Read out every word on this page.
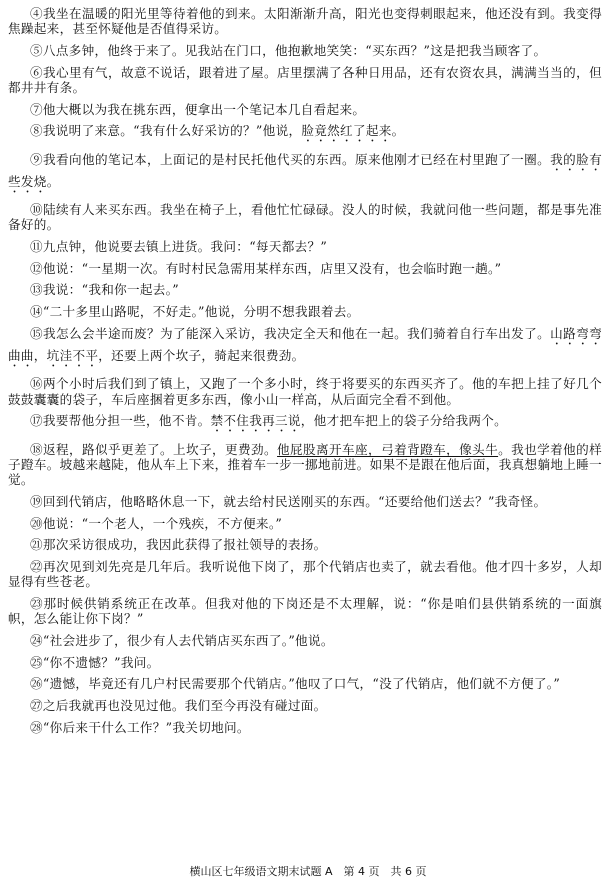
④我坐在温暖的阳光里等待着他的到来。太阳渐渐升高，阳光也变得刺眼起来，他还没有到。我变得焦躁起来，甚至怀疑他是否值得采访。

⑤八点多钟，他终于来了。见我站在门口，他抱歉地笑笑：“买东西？”这是把我当顾客了。

⑥我心里有气，故意不说话，跟着进了屋。店里摆满了各种日用品，还有农资农具，满满当当的，但都井井有条。

⑦他大概以为我在挑东西，便拿出一个笔记本几自看起来。

⑧我说明了来意。“我有什么好采访的？”他说，脸竟然红了起来。

⑨我看向他的笔记本，上面记的是村民托他代买的东西。原来他刚才已经在村里跑了一圈。我的脸有些发烧。

⑩陆续有人来买东西。我坐在椅子上，看他忙忙碌碌。没人的时候，我就问他一些问题，都是事先准备好的。

⑪九点钟，他说要去镇上进货。我问：“每天都去？”

⑫他说：“一星期一次。有时村民急需用某样东西，店里又没有，也会临时跑一趟。”

⑬我说：“我和你一起去。”

⑭“二十多里山路呢，不好走。”他说，分明不想我跟着去。

⑮我怎么会半途而废？为了能深入采访，我决定全天和他在一起。我们骑着自行车出发了。山路弯弯曲曲，坑洼不平，还要上两个坎子，骑起来很费劲。

⑯两个小时后我们到了镇上，又跑了一个多小时，终于将要买的东西买齐了。他的车把上挂了好几个鼓鼓囊囊的袋子，车后座捆着更多东西，像小山一样高，从后面完全看不到他。

⑰我要帮他分担一些，他不肯。禁不住我再三说，他才把车把上的袋子分给我两个。

⑱返程，路似乎更差了。上坎子，更费劲。他屁股离开车座，弓着背蹬车，像头牛。我也学着他的样子蹬车。坡越来越陡，他从车上下来，推着车一步一挪地前进。如果不是跟在他后面，我真想躺地上睡一觉。

⑲回到代销店，他略略休息一下，就去给村民送刚买的东西。“还要给他们送去？”我奇怪。

⑳他说：“一个老人，一个残疾，不方便来。”

㉑那次采访很成功，我因此获得了报社领导的表扬。

㉒再次见到刘先亮是几年后。我听说他下岗了，那个代销店也卖了，就去看他。他才四十多岁，人却显得有些苍老。

㉓那时候供销系统正在改革。但我对他的下岗还是不太理解，说：“你是咱们县供销系统的一面旗帜，怎么能让你下岗？”

㉔“社会进步了，很少有人去代销店买东西了。”他说。

㉕“你不遗憾？”我问。

㉖“遗憾，毕竟还有几户村民需要那个代销店。”他叹了口气，“没了代销店，他们就不方便了。”

㉗之后我就再也没见过他。我们至今再没有碰过面。

㉘“你后来干什么工作？”我关切地问。

横山区七年级语文期末试题 A　第 4 页　共 6 页
